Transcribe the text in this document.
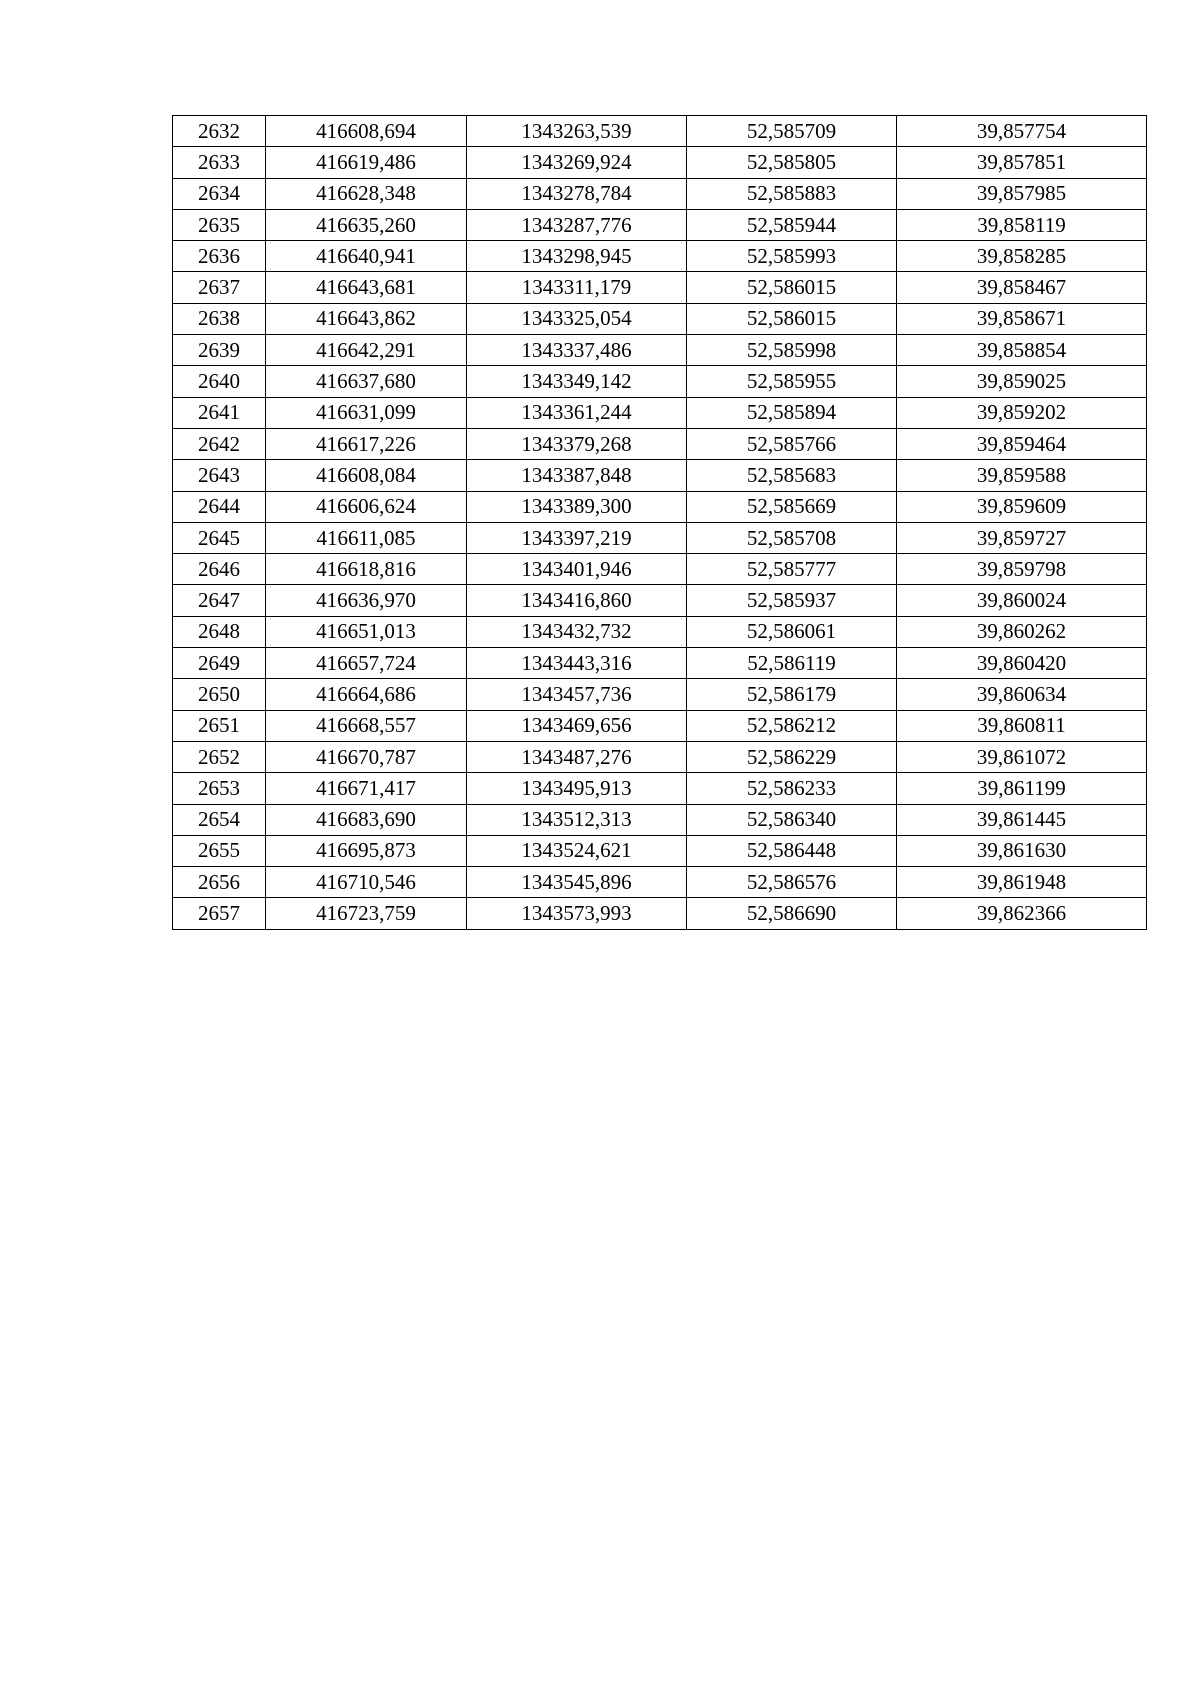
2632	416608,694	1343263,539	52,585709	39,857754
2633	416619,486	1343269,924	52,585805	39,857851
2634	416628,348	1343278,784	52,585883	39,857985
2635	416635,260	1343287,776	52,585944	39,858119
2636	416640,941	1343298,945	52,585993	39,858285
2637	416643,681	1343311,179	52,586015	39,858467
2638	416643,862	1343325,054	52,586015	39,858671
2639	416642,291	1343337,486	52,585998	39,858854
2640	416637,680	1343349,142	52,585955	39,859025
2641	416631,099	1343361,244	52,585894	39,859202
2642	416617,226	1343379,268	52,585766	39,859464
2643	416608,084	1343387,848	52,585683	39,859588
2644	416606,624	1343389,300	52,585669	39,859609
2645	416611,085	1343397,219	52,585708	39,859727
2646	416618,816	1343401,946	52,585777	39,859798
2647	416636,970	1343416,860	52,585937	39,860024
2648	416651,013	1343432,732	52,586061	39,860262
2649	416657,724	1343443,316	52,586119	39,860420
2650	416664,686	1343457,736	52,586179	39,860634
2651	416668,557	1343469,656	52,586212	39,860811
2652	416670,787	1343487,276	52,586229	39,861072
2653	416671,417	1343495,913	52,586233	39,861199
2654	416683,690	1343512,313	52,586340	39,861445
2655	416695,873	1343524,621	52,586448	39,861630
2656	416710,546	1343545,896	52,586576	39,861948
2657	416723,759	1343573,993	52,586690	39,862366
